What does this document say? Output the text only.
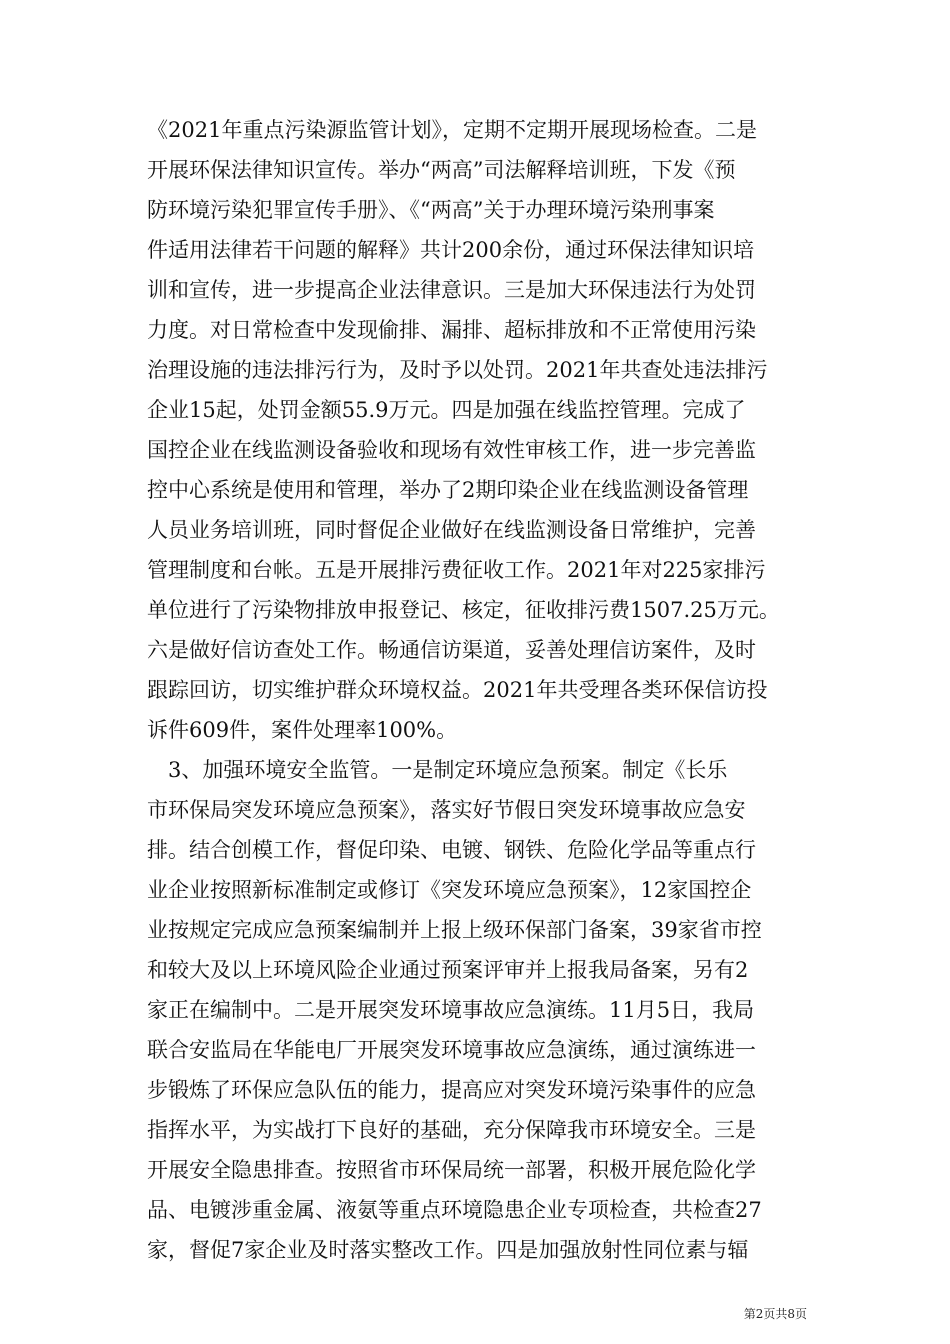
《2021年重点污染源监管计划》，定期不定期开展现场检查。二是
开展环保法律知识宣传。举办“两高”司法解释培训班，下发《预
防环境污染犯罪宣传手册》、《“两高”关于办理环境污染刑事案
件适用法律若干问题的解释》共计200余份，通过环保法律知识培
训和宣传，进一步提高企业法律意识。三是加大环保违法行为处罚
力度。对日常检查中发现偷排、漏排、超标排放和不正常使用污染
治理设施的违法排污行为，及时予以处罚。2021年共查处违法排污
企业15起，处罚金额55.9万元。四是加强在线监控管理。完成了
国控企业在线监测设备验收和现场有效性审核工作，进一步完善监
控中心系统是使用和管理，举办了2期印染企业在线监测设备管理
人员业务培训班，同时督促企业做好在线监测设备日常维护，完善
管理制度和台帐。五是开展排污费征收工作。2021年对225家排污
单位进行了污染物排放申报登记、核定，征收排污费1507.25万元。
六是做好信访查处工作。畅通信访渠道，妥善处理信访案件，及时
跟踪回访，切实维护群众环境权益。2021年共受理各类环保信访投
诉件609件，案件处理率100%。
　3、加强环境安全监管。一是制定环境应急预案。制定《长乐
市环保局突发环境应急预案》，落实好节假日突发环境事故应急安
排。结合创模工作，督促印染、电镀、钢铁、危险化学品等重点行
业企业按照新标准制定或修订《突发环境应急预案》，12家国控企
业按规定完成应急预案编制并上报上级环保部门备案，39家省市控
和较大及以上环境风险企业通过预案评审并上报我局备案，另有2
家正在编制中。二是开展突发环境事故应急演练。11月5日，我局
联合安监局在华能电厂开展突发环境事故应急演练，通过演练进一
步锻炼了环保应急队伍的能力，提高应对突发环境污染事件的应急
指挥水平，为实战打下良好的基础，充分保障我市环境安全。三是
开展安全隐患排查。按照省市环保局统一部署，积极开展危险化学
品、电镀涉重金属、液氨等重点环境隐患企业专项检查，共检查27
家，督促7家企业及时落实整改工作。四是加强放射性同位素与辐
第2页共8页
